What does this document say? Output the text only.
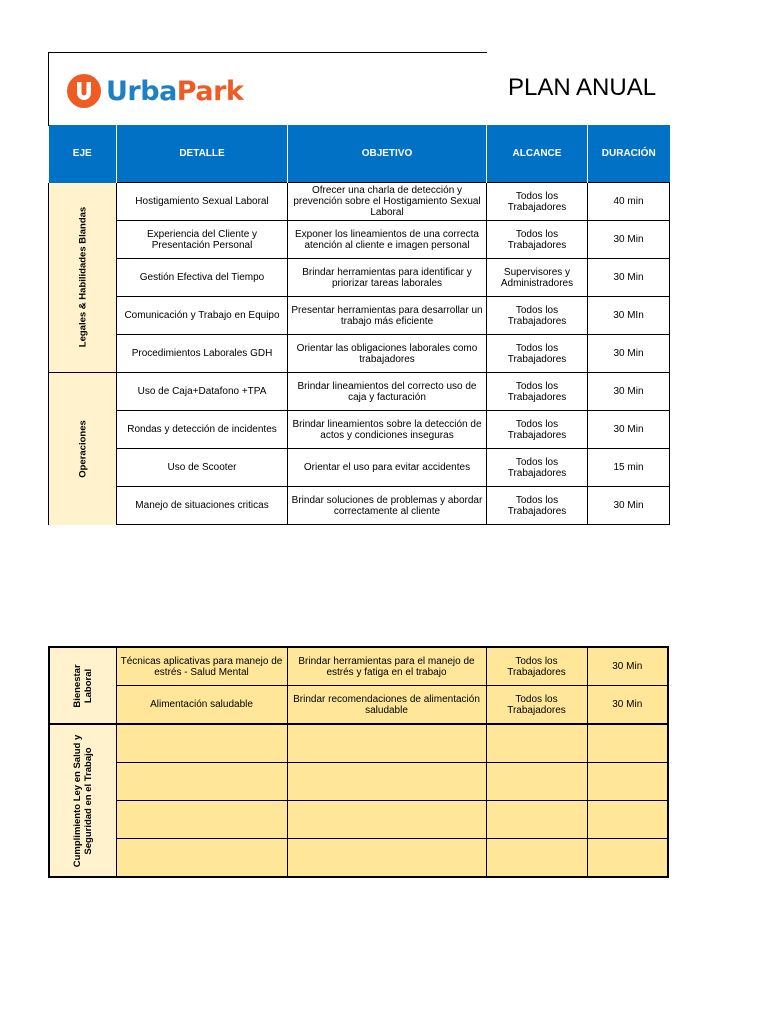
UrbaPark	PLAN ANUAL
EJE	DETALLE	OBJETIVO	ALCANCE	DURACIÓN

Legales & Habilidades Blandas	Hostigamiento Sexual Laboral	Ofrecer una charla de detección y prevención sobre el Hostigamiento Sexual Laboral	Todos los Trabajadores	40 min
	Experiencia del Cliente y Presentación Personal	Exponer los lineamientos de una correcta atención al cliente e imagen personal	Todos los Trabajadores	30 Min
	Gestión Efectiva del Tiempo	Brindar herramientas para identificar y priorizar tareas laborales	Supervisores y Administradores	30 Min
	Comunicación y Trabajo en Equipo	Presentar herramientas para desarrollar un trabajo más eficiente	Todos los Trabajadores	30 MIn
	Procedimientos Laborales GDH	Orientar las obligaciones laborales como trabajadores	Todos los Trabajadores	30 Min

Operaciones	Uso de Caja+Datafono +TPA	Brindar lineamientos del correcto uso de caja y facturación	Todos los Trabajadores	30 Min
	Rondas y detección de incidentes	Brindar lineamientos sobre la detección de actos y condiciones inseguras	Todos los Trabajadores	30 Min
	Uso de Scooter	Orientar el uso para evitar accidentes	Todos los Trabajadores	15 min
	Manejo de situaciones criticas	Brindar soluciones de problemas y abordar correctamente al cliente	Todos los Trabajadores	30 Min
Bienestar Laboral	Técnicas aplicativas para manejo de estrés - Salud Mental	Brindar herramientas para el manejo de estrés y fatiga en el trabajo	Todos los Trabajadores	30 Min
	Alimentación saludable	Brindar recomendaciones de alimentación saludable	Todos los Trabajadores	30 Min

Cumplimiento Ley en Salud y Seguridad en el Trabajo				
